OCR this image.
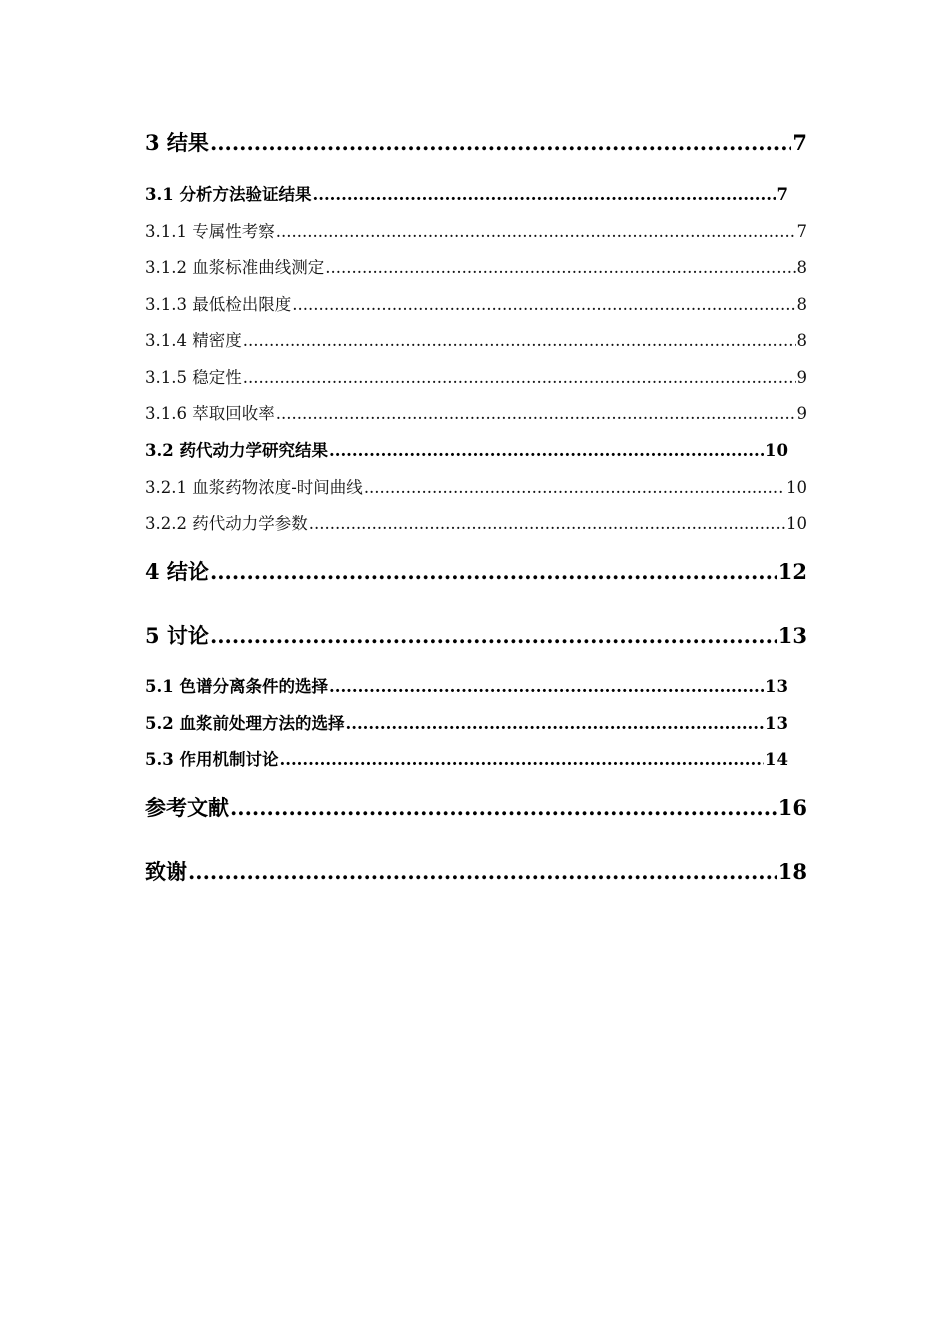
3 结果 .....	7
3.1 分析方法验证结果 .....	7
3.1.1 专属性考察 .....	7
3.1.2 血浆标准曲线测定 .....	8
3.1.3 最低检出限度 .....	8
3.1.4 精密度 .....	8
3.1.5 稳定性 .....	9
3.1.6 萃取回收率 .....	9
3.2 药代动力学研究结果 .....	10
3.2.1 血浆药物浓度-时间曲线 .....	10
3.2.2 药代动力学参数 .....	10
4 结论 .....	12
5 讨论 .....	13
5.1 色谱分离条件的选择 .....	13
5.2 血浆前处理方法的选择 .....	13
5.3 作用机制讨论 .....	14
参考文献 .....	16
致谢 .....	18
